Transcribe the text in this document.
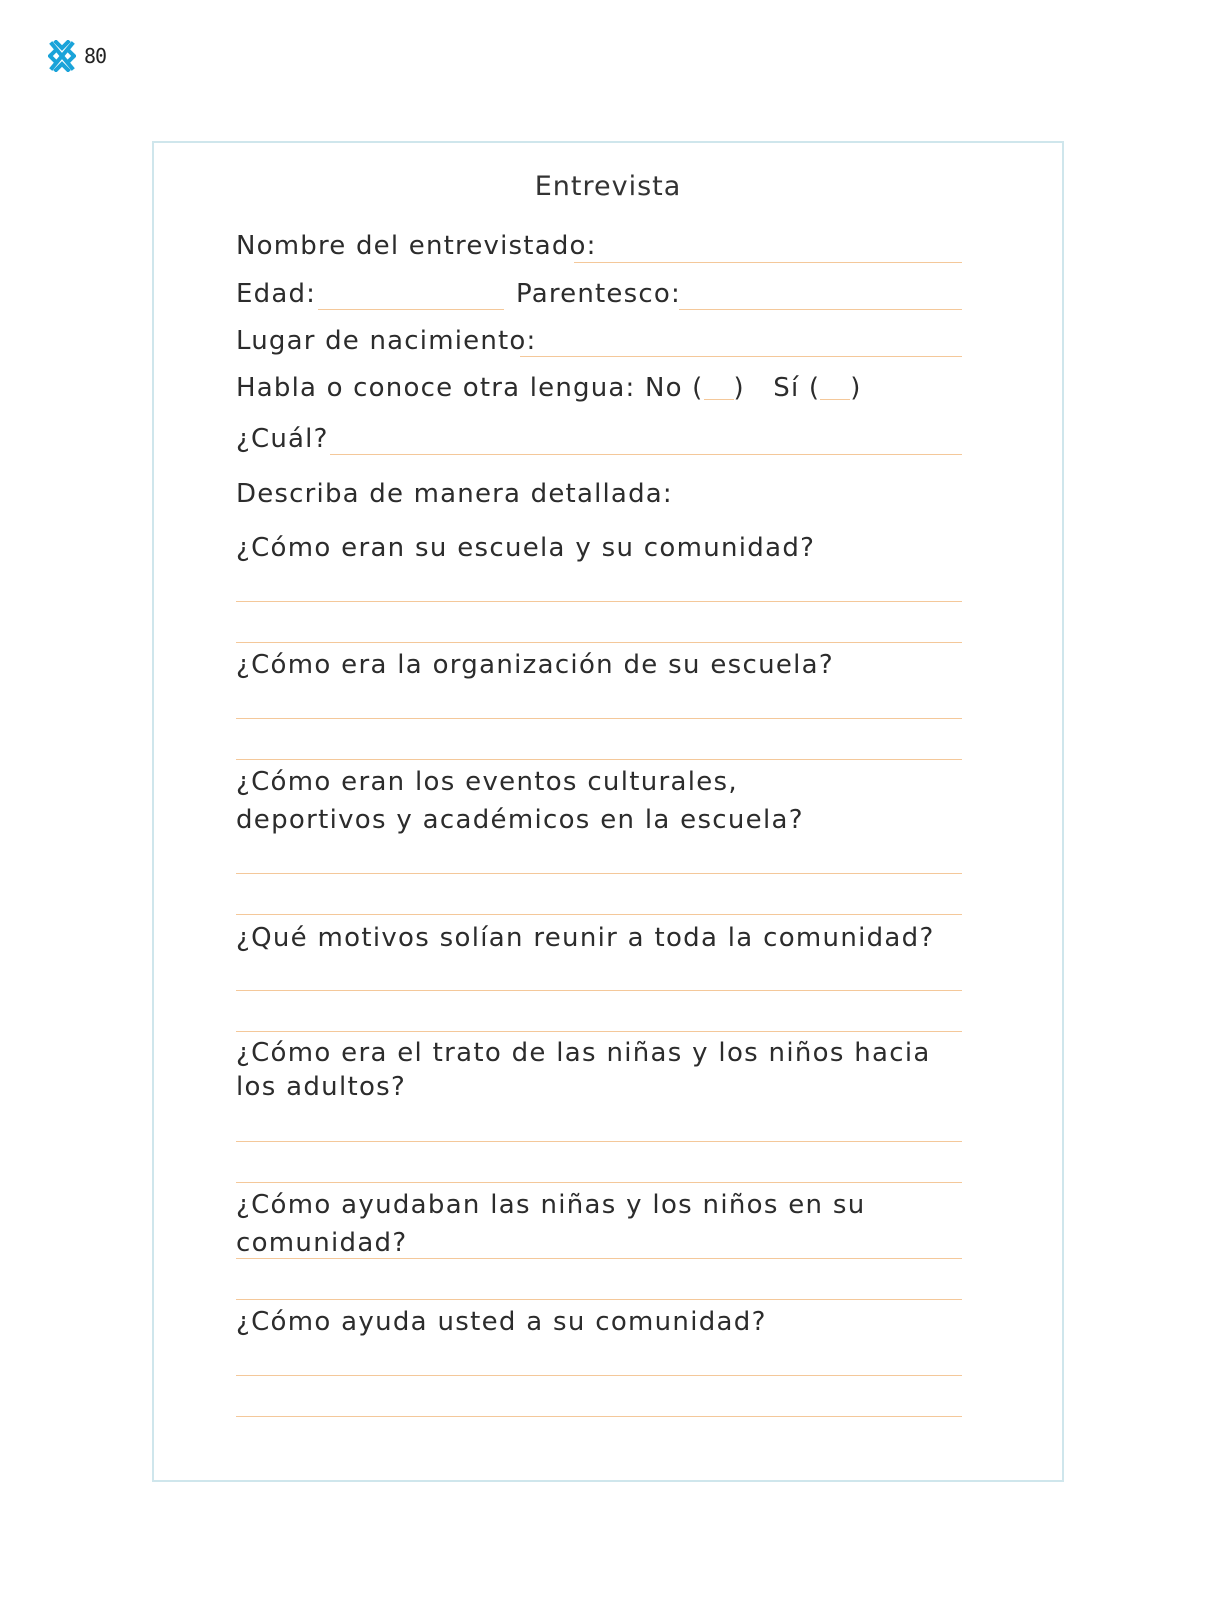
80
Entrevista
Nombre del entrevistado:
Edad:	Parentesco:
Lugar de nacimiento:
Habla o conoce otra lengua: No ( ) Sí ( )
¿Cuál?
Describa de manera detallada:
¿Cómo eran su escuela y su comunidad?
¿Cómo era la organización de su escuela?
¿Cómo eran los eventos culturales, deportivos y académicos en la escuela?
¿Qué motivos solían reunir a toda la comunidad?
¿Cómo era el trato de las niñas y los niños hacia los adultos?
¿Cómo ayudaban las niñas y los niños en su comunidad?
¿Cómo ayuda usted a su comunidad?
